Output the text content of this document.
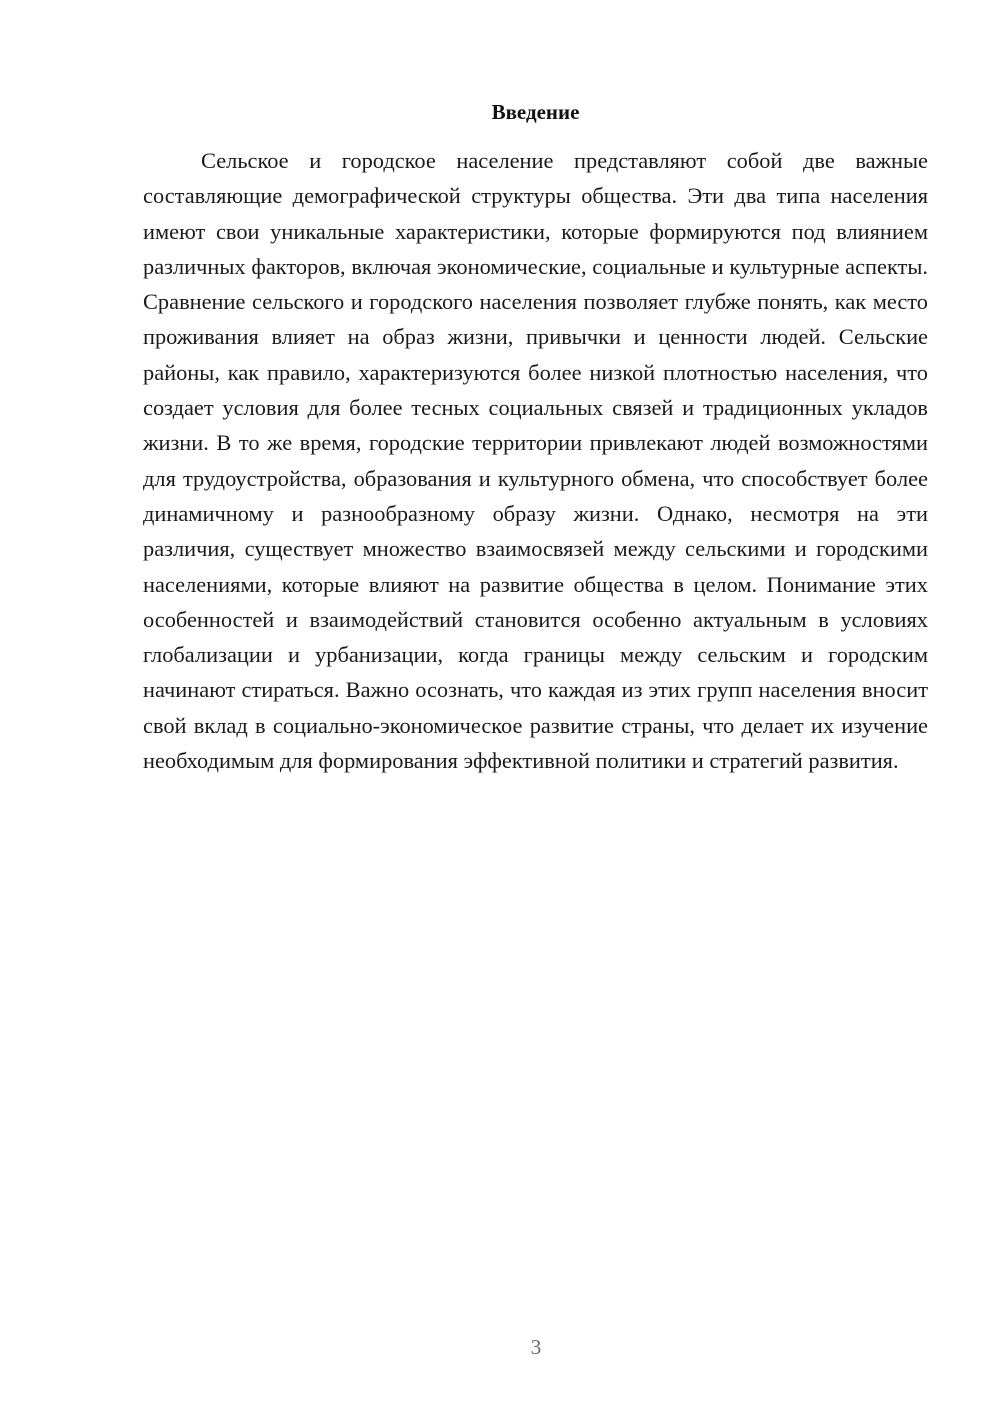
Введение

Сельское и городское население представляют собой две важные составляющие демографической структуры общества. Эти два типа населения имеют свои уникальные характеристики, которые формируются под влиянием различных факторов, включая экономические, социальные и культурные аспекты. Сравнение сельского и городского населения позволяет глубже понять, как место проживания влияет на образ жизни, привычки и ценности людей. Сельские районы, как правило, характеризуются более низкой плотностью населения, что создает условия для более тесных социальных связей и традиционных укладов жизни. В то же время, городские территории привлекают людей возможностями для трудоустройства, образования и культурного обмена, что способствует более динамичному и разнообразному образу жизни. Однако, несмотря на эти различия, существует множество взаимосвязей между сельскими и городскими населениями, которые влияют на развитие общества в целом. Понимание этих особенностей и взаимодействий становится особенно актуальным в условиях глобализации и урбанизации, когда границы между сельским и городским начинают стираться. Важно осознать, что каждая из этих групп населения вносит свой вклад в социально-экономическое развитие страны, что делает их изучение необходимым для формирования эффективной политики и стратегий развития.

3
